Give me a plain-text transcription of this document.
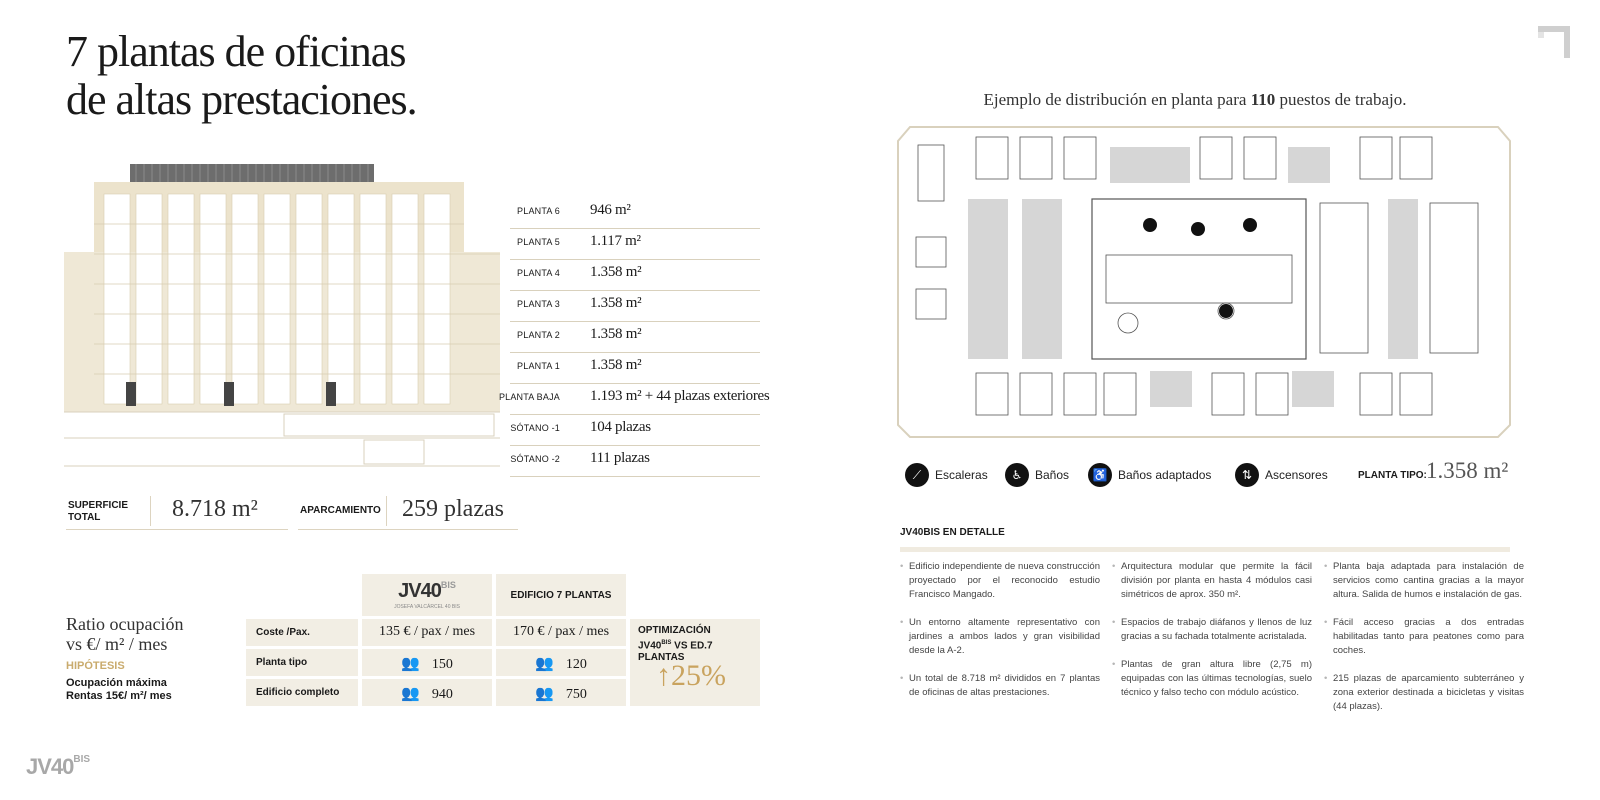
7 plantas de oficinas
de altas prestaciones.
PLANTA 6 946 m²
PLANTA 5 1.117 m²
PLANTA 4 1.358 m²
PLANTA 3 1.358 m²
PLANTA 2 1.358 m²
PLANTA 1 1.358 m²
PLANTA BAJA 1.193 m² + 44 plazas exteriores
SÓTANO -1 104 plazas
SÓTANO -2 111 plazas
SUPERFICIE
TOTAL	8.718 m²	APARCAMIENTO 259 plazas
Ratio ocupación
vs €/ m² / mes
HIPÓTESIS
Ocupación máxima
Rentas 15€/ m²/ mes
$JV40^{BIS}$
JOSEFA VALCÁRCEL 40 BIS
EDIFICIO 7 PLANTAS
Coste /Pax.	135 € / pax / mes	170 € / pax / mes
Planta tipo	👥 150	👥 120
Edificio completo	👥 940	👥 750
OPTIMIZACIÓN
$JV40^{BIS}$ VS ED.7 PLANTAS
↑25%
$JV40^{BIS}$
Ejemplo de distribución en planta para 110 puestos de trabajo.
⟋	Escaleras	♿︎	Baños	♿ Baños adaptados	⇅	Ascensores	PLANTA TIPO: 1.358 m²
JV40BIS EN DETALLE
• Edificio independiente de nueva construcción proyectado por el reconocido estudio Francisco Mangado.
• Un entorno altamente representativo con jardines a ambos lados y gran visibilidad desde la A-2.
• Un total de 8.718 m² divididos en 7 plantas de oficinas de altas prestaciones.
• Arquitectura modular que permite la fácil división por planta en hasta 4 módulos casi simétricos de aprox. 350 m².
• Espacios de trabajo diáfanos y llenos de luz gracias a su fachada totalmente acristalada.
• Plantas de gran altura libre (2,75 m) equipadas con las últimas tecnologías, suelo técnico y falso techo con módulo acústico.
• Planta baja adaptada para instalación de servicios como cantina gracias a la mayor altura. Salida de humos e instalación de gas.
• Fácil acceso gracias a dos entradas habilitadas tanto para peatones como para coches.
• 215 plazas de aparcamiento subterráneo y zona exterior destinada a bicicletas y visitas (44 plazas).
